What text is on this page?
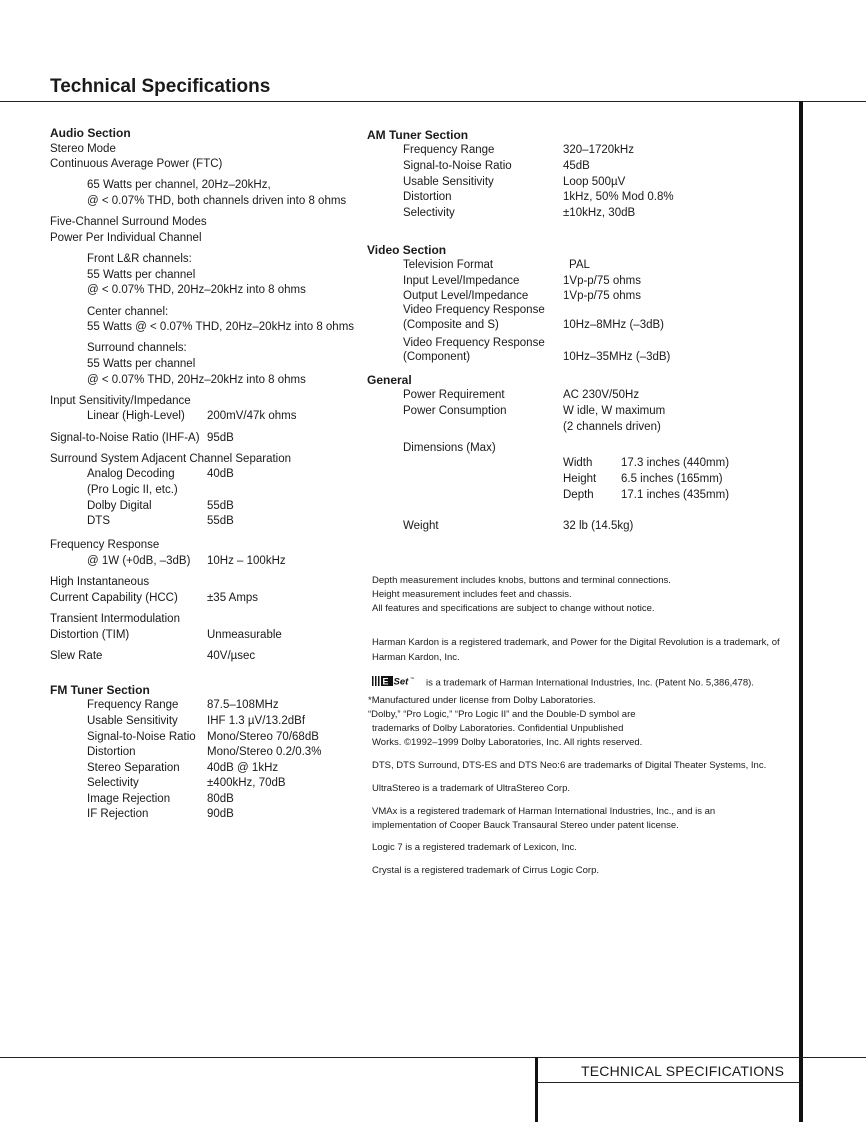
Technical Specifications
TECHNICAL SPECIFICATIONS
Audio Section
Stereo Mode
Continuous Average Power (FTC)
65 Watts per channel, 20Hz–20kHz,
@ < 0.07% THD, both channels driven into 8 ohms
Five-Channel Surround Modes
Power Per Individual Channel
Front L&R channels:
55 Watts per channel
@ < 0.07% THD, 20Hz–20kHz into 8 ohms
Center channel:
55 Watts @ < 0.07% THD, 20Hz–20kHz into 8 ohms
Surround channels:
55 Watts per channel
@ < 0.07% THD, 20Hz–20kHz into 8 ohms
Input Sensitivity/Impedance
Linear (High-Level) 200mV/47k ohms
Signal-to-Noise Ratio (IHF-A) 95dB
Surround System Adjacent Channel Separation
Analog Decoding	40dB
(Pro Logic II, etc.)
Dolby Digital	55dB
DTS	55dB
Frequency Response
@ 1W (+0dB, –3dB) 10Hz – 100kHz
High Instantaneous
Current Capability (HCC)	±35 Amps
Transient Intermodulation
Distortion (TIM)	Unmeasurable
Slew Rate	40V/µsec
FM Tuner Section
Frequency Range 87.5–108MHz
Usable Sensitivity	IHF 1.3 µV/13.2dBf
Signal-to-Noise Ratio Mono/Stereo 70/68dB
Distortion	Mono/Stereo 0.2/0.3%
Stereo Separation 40dB @ 1kHz
Selectivity	±400kHz, 70dB
Image Rejection	80dB
IF Rejection	90dB
AM Tuner Section
Frequency Range	320–1720kHz
Signal-to-Noise Ratio	45dB
Usable Sensitivity	Loop 500µV
Distortion	1kHz, 50% Mod 0.8%
Selectivity	±10kHz, 30dB
Video Section
Television Format	PAL
Input Level/Impedance	1Vp-p/75 ohms
Output Level/Impedance	1Vp-p/75 ohms
Video Frequency Response
(Composite and S)	10Hz–8MHz (–3dB)
Video Frequency Response
(Component)	10Hz–35MHz (–3dB)
General
Power Requirement	AC 230V/50Hz
Power Consumption	W idle, W maximum
(2 channels driven)
Dimensions (Max)
Width 17.3 inches (440mm)
Height 6.5 inches (165mm)
Depth 17.1 inches (435mm)
Weight	32 lb (14.5kg)
Depth measurement includes knobs, buttons and terminal connections.
Height measurement includes feet and chassis.
All features and specifications are subject to change without notice.
Harman Kardon is a registered trademark, and Power for the Digital Revolution is a trademark, of
Harman Kardon, Inc.
E Set ™ is a trademark of Harman International Industries, Inc. (Patent No. 5,386,478).
*Manufactured under license from Dolby Laboratories.
“Dolby,” “Pro Logic,” “Pro Logic II” and the Double-D symbol are
trademarks of Dolby Laboratories. Confidential Unpublished
Works. ©1992–1999 Dolby Laboratories, Inc. All rights reserved.
DTS, DTS Surround, DTS-ES and DTS Neo:6 are trademarks of Digital Theater Systems, Inc.
UltraStereo is a trademark of UltraStereo Corp.
VMAx is a registered trademark of Harman International Industries, Inc., and is an
implementation of Cooper Bauck Transaural Stereo under patent license.
Logic 7 is a registered trademark of Lexicon, Inc.
Crystal is a registered trademark of Cirrus Logic Corp.
